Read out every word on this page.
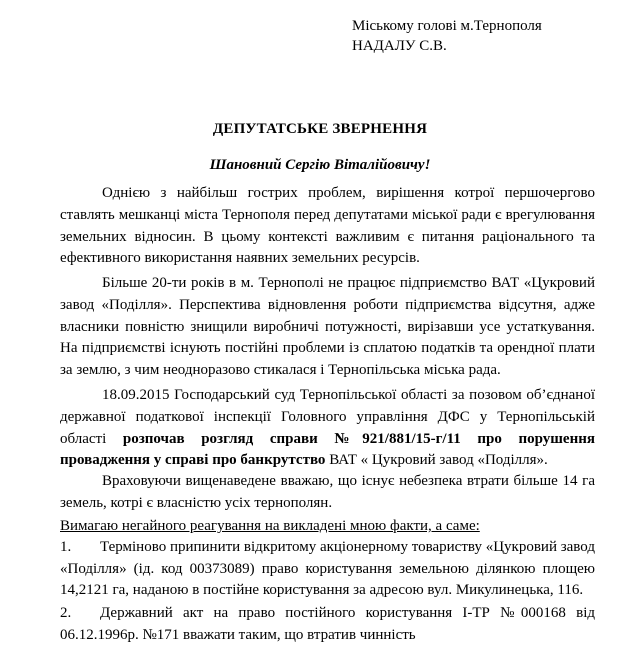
Міському голові м.Тернополя
НАДАЛУ С.В.
ДЕПУТАТСЬКЕ ЗВЕРНЕННЯ
Шановний Сергію Віталійовичу!
Однією з найбільш гострих проблем, вирішення котрої першочергово ставлять мешканці міста Тернополя перед депутатами міської ради є врегулювання земельних відносин. В цьому контексті важливим є питання раціонального та ефективного використання наявних земельних ресурсів.
Більше 20-ти років в м. Тернополі не працює підприємство ВАТ «Цукровий завод «Поділля». Перспектива відновлення роботи підприємства відсутня, адже власники повністю знищили виробничі потужності, вирізавши усе устаткування. На підприємстві існують постійні проблеми із сплатою податків та орендної плати за землю, з чим неодноразово стикалася і Тернопільська міська рада.
18.09.2015 Господарський суд Тернопільської області за позовом об’єднаної державної податкової інспекції Головного управління ДФС у Тернопільській області розпочав розгляд справи №921/881/15-г/11 про порушення провадження у справі про банкрутство ВАТ « Цукровий завод «Поділля».
Враховуючи вищенаведене вважаю, що існує небезпека втрати більше 14 га земель, котрі є власністю усіх тернополян.
Вимагаю негайного реагування на викладені мною факти, а саме:
1. Терміново припинити відкритому акціонерному товариству «Цукровий завод «Поділля» (ід. код 00373089) право користування земельною ділянкою площею 14,2121 га, наданою в постійне користування за адресою вул. Микулинецька, 116.
2. Державний акт на право постійного користування І-ТР №000168 від 06.12.1996р. №171 вважати таким, що втратив чинність
